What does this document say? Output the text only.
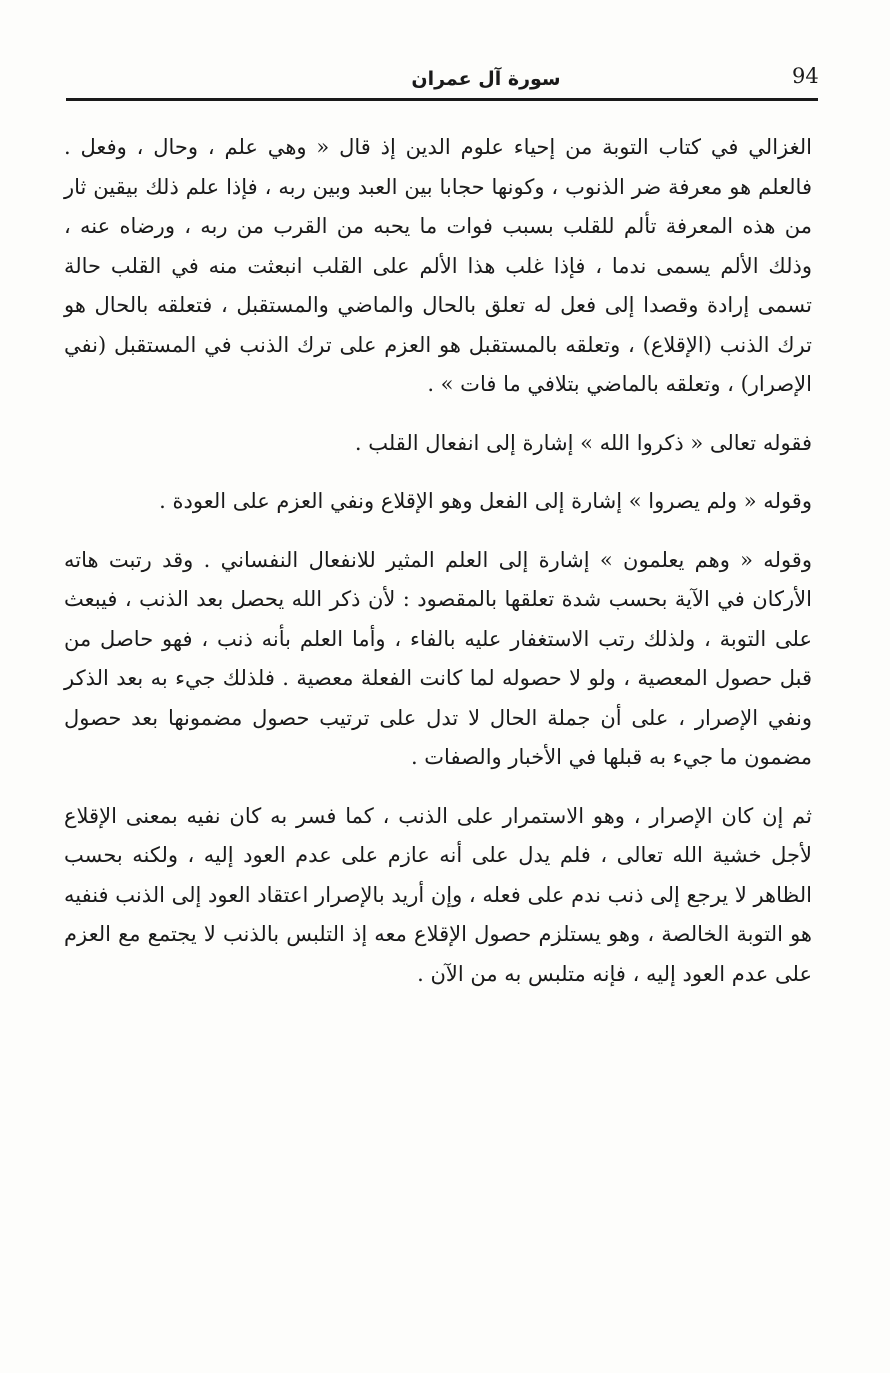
94
سورة آل عمران

الغزالي في كتاب التوبة من إحياء علوم الدين إذ قال « وهي علم ، وحال ، وفعل . فالعلم هو معرفة ضر الذنوب ، وكونها حجابا بين العبد وبين ربه ، فإذا علم ذلك بيقين ثار من هذه المعرفة تألم للقلب بسبب فوات ما يحبه من القرب من ربه ، ورضاه عنه ، وذلك الألم يسمى ندما ، فإذا غلب هذا الألم على القلب انبعثت منه في القلب حالة تسمى إرادة وقصدا إلى فعل له تعلق بالحال والماضي والمستقبل ، فتعلقه بالحال هو ترك الذنب (الإقلاع) ، وتعلقه بالمستقبل هو العزم على ترك الذنب في المستقبل (نفي الإصرار) ، وتعلقه بالماضي بتلافي ما فات » .

فقوله تعالى « ذكروا الله » إشارة إلى انفعال القلب .

وقوله « ولم يصروا » إشارة إلى الفعل وهو الإقلاع ونفي العزم على العودة .

وقوله « وهم يعلمون » إشارة إلى العلم المثير للانفعال النفساني . وقد رتبت هاته الأركان في الآية بحسب شدة تعلقها بالمقصود : لأن ذكر الله يحصل بعد الذنب ، فيبعث على التوبة ، ولذلك رتب الاستغفار عليه بالفاء ، وأما العلم بأنه ذنب ، فهو حاصل من قبل حصول المعصية ، ولو لا حصوله لما كانت الفعلة معصية . فلذلك جيء به بعد الذكر ونفي الإصرار ، على أن جملة الحال لا تدل على ترتيب حصول مضمونها بعد حصول مضمون ما جيء به قبلها في الأخبار والصفات .

ثم إن كان الإصرار ، وهو الاستمرار على الذنب ، كما فسر به كان نفيه بمعنى الإقلاع لأجل خشية الله تعالى ، فلم يدل على أنه عازم على عدم العود إليه ، ولكنه بحسب الظاهر لا يرجع إلى ذنب ندم على فعله ، وإن أريد بالإصرار اعتقاد العود إلى الذنب فنفيه هو التوبة الخالصة ، وهو يستلزم حصول الإقلاع معه إذ التلبس بالذنب لا يجتمع مع العزم على عدم العود إليه ، فإنه متلبس به من الآن .
